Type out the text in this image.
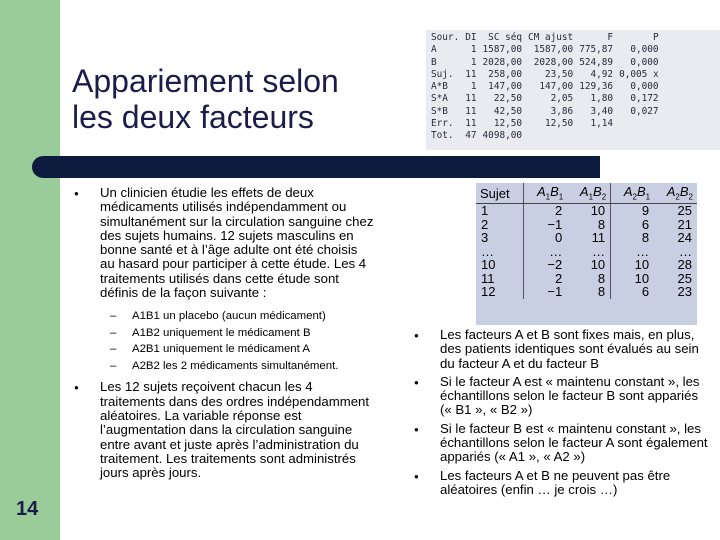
Appariement selon
les deux facteurs
Sour.	DI	SC séq	CM ajust	F	P
A	1	1587,00	1587,00	775,87	0,000
B	1	2028,00	2028,00	524,89	0,000
Suj.	11	258,00	23,50	4,92	0,005 x
A*B	1	147,00	147,00	129,36	0,000
S*A	11	22,50	2,05	1,80	0,172
S*B	11	42,50	3,86	3,40	0,027
Err.	11	12,50	12,50	1,14	
Tot.	47	4098,00			
Sujet	$A_1B_1$	$A_1B_2$	$A_2B_1$	$A_2B_2$
1	2	10	9	25
2	−1	8	6	21
3	0	11	8	24
…	…	…	…	…
10	−2	10	10	28
11	2	8	10	25
12	−1	8	6	23
● Un clinicien étudie les effets de deux médicaments utilisés indépendamment ou simultanément sur la circulation sanguine chez des sujets humains. 12 sujets masculins en bonne santé et à l’âge adulte ont été choisis au hasard pour participer à cette étude. Les 4 traitements utilisés dans cette étude sont définis de la façon suivante :
– A1B1 un placebo (aucun médicament)
– A1B2 uniquement le médicament B
– A2B1 uniquement le médicament A
– A2B2 les 2 médicaments simultanément.
● Les 12 sujets reçoivent chacun les 4 traitements dans des ordres indépendamment aléatoires. La variable réponse est l’augmentation dans la circulation sanguine entre avant et juste après l’administration du traitement. Les traitements sont administrés jours après jours.
● Les facteurs A et B sont fixes mais, en plus, des patients identiques sont évalués au sein du facteur A et du facteur B
● Si le facteur A est « maintenu constant », les échantillons selon le facteur B sont appariés (« B1 », « B2 »)
● Si le facteur B est « maintenu constant », les échantillons selon le facteur A sont également appariés (« A1 », « A2 »)
● Les facteurs A et B ne peuvent pas être aléatoires (enfin … je crois …)
14
